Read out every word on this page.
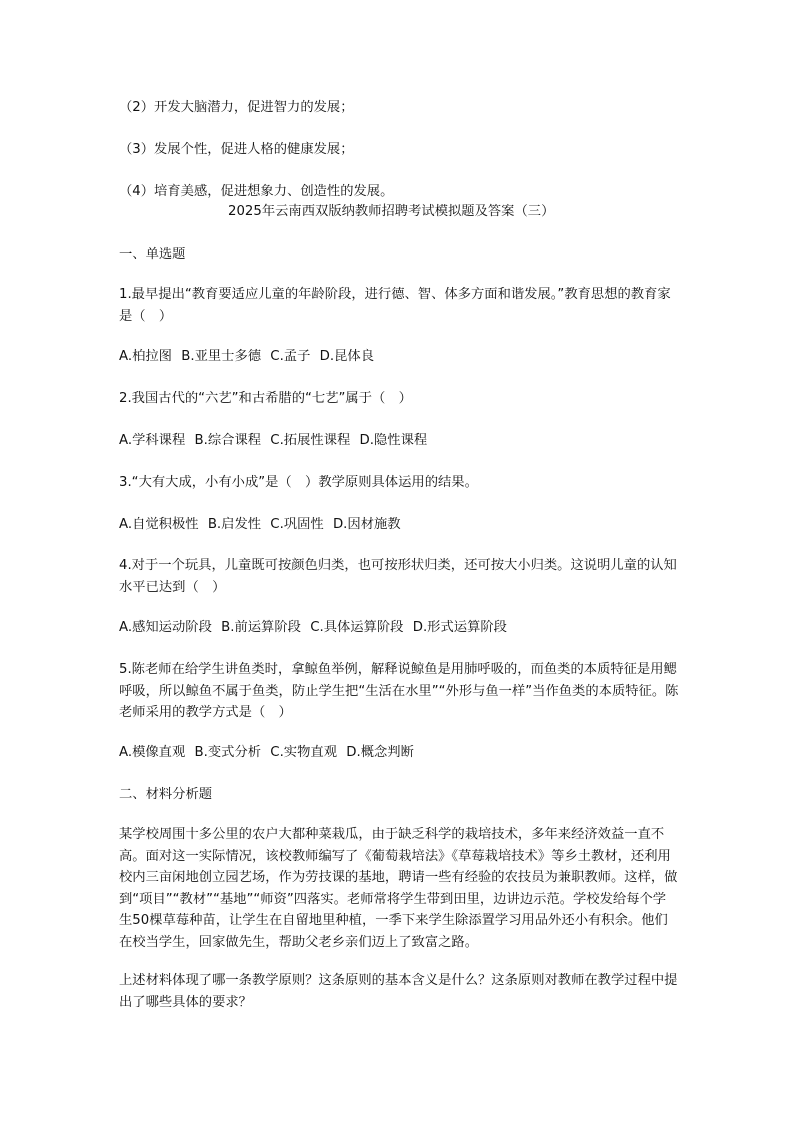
（2）开发大脑潜力，促进智力的发展；
（3）发展个性，促进人格的健康发展；
（4）培育美感，促进想象力、创造性的发展。
2025年云南西双版纳教师招聘考试模拟题及答案（三）
一、单选题
1.最早提出“教育要适应儿童的年龄阶段，进行德、智、体多方面和谐发展。”教育思想的教育家是（　）
A.柏拉图 B.亚里士多德 C.孟子 D.昆体良
2.我国古代的“六艺”和古希腊的“七艺”属于（　）
A.学科课程 B.综合课程 C.拓展性课程 D.隐性课程
3.“大有大成，小有小成”是（　）教学原则具体运用的结果。
A.自觉积极性 B.启发性 C.巩固性 D.因材施教
4.对于一个玩具，儿童既可按颜色归类，也可按形状归类，还可按大小归类。这说明儿童的认知水平已达到（　）
A.感知运动阶段 B.前运算阶段 C.具体运算阶段 D.形式运算阶段
5.陈老师在给学生讲鱼类时，拿鲸鱼举例，解释说鲸鱼是用肺呼吸的，而鱼类的本质特征是用鳃呼吸，所以鲸鱼不属于鱼类，防止学生把“生活在水里”“外形与鱼一样”当作鱼类的本质特征。陈老师采用的教学方式是（　）
A.模像直观 B.变式分析 C.实物直观 D.概念判断
二、材料分析题
某学校周围十多公里的农户大都种菜栽瓜，由于缺乏科学的栽培技术，多年来经济效益一直不高。面对这一实际情况，该校教师编写了《葡萄栽培法》《草莓栽培技术》等乡土教材，还利用校内三亩闲地创立园艺场，作为劳技课的基地，聘请一些有经验的农技员为兼职教师。这样，做到“项目”“教材”“基地”“师资”四落实。老师常将学生带到田里，边讲边示范。学校发给每个学生50棵草莓种苗，让学生在自留地里种植，一季下来学生除添置学习用品外还小有积余。他们在校当学生，回家做先生，帮助父老乡亲们迈上了致富之路。
上述材料体现了哪一条教学原则？这条原则的基本含义是什么？这条原则对教师在教学过程中提出了哪些具体的要求？
